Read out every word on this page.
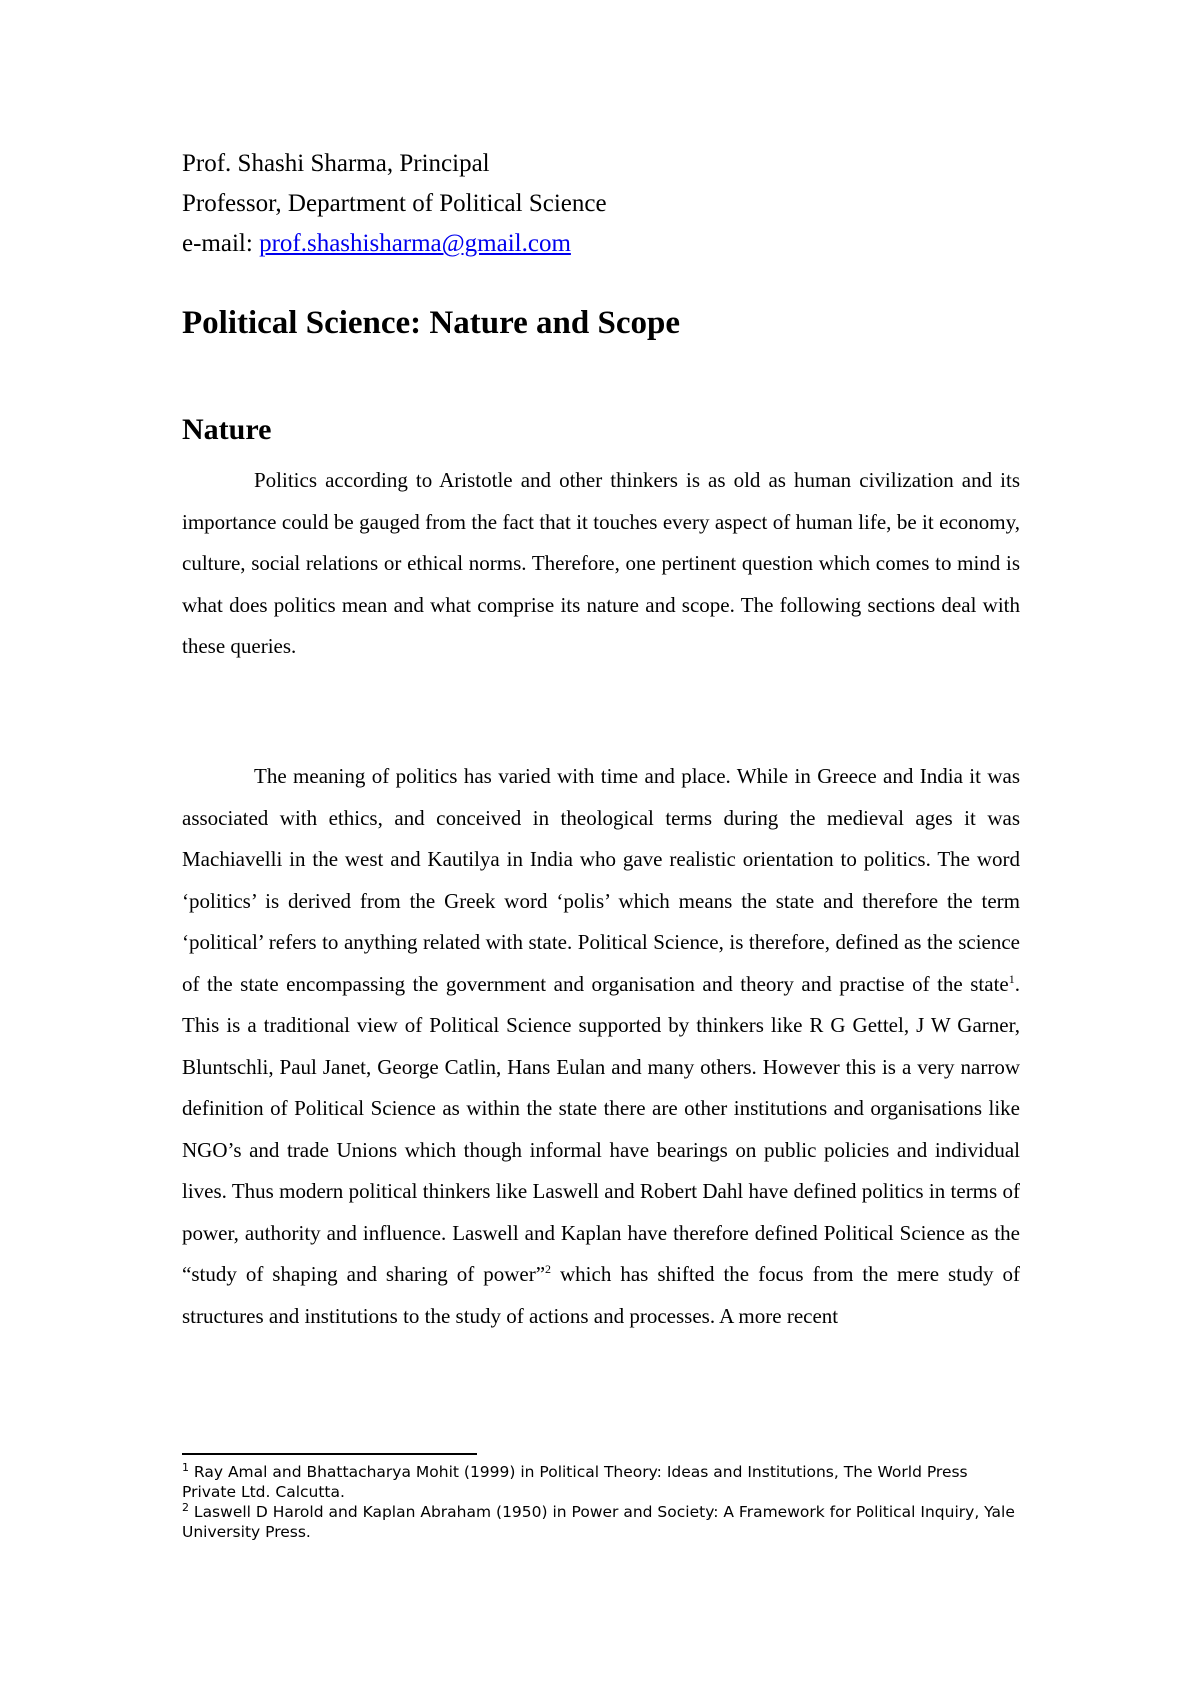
Prof. Shashi Sharma, Principal
Professor, Department of Political Science
e-mail: prof.shashisharma@gmail.com
Political Science: Nature and Scope
Nature

Politics according to Aristotle and other thinkers is as old as human civilization and its importance could be gauged from the fact that it touches every aspect of human life, be it economy, culture, social relations or ethical norms. Therefore, one pertinent question which comes to mind is what does politics mean and what comprise its nature and scope. The following sections deal with these queries.

The meaning of politics has varied with time and place. While in Greece and India it was associated with ethics, and conceived in theological terms during the medieval ages it was Machiavelli in the west and Kautilya in India who gave realistic orientation to politics. The word ‘politics’ is derived from the Greek word ‘polis’ which means the state and therefore the term ‘political’ refers to anything related with state. Political Science, is therefore, defined as the science of the state encompassing the government and organisation and theory and practise of the state$^1$. This is a traditional view of Political Science supported by thinkers like R G Gettel, J W Garner, Bluntschli, Paul Janet, George Catlin, Hans Eulan and many others. However this is a very narrow definition of Political Science as within the state there are other institutions and organisations like NGO’s and trade Unions which though informal have bearings on public policies and individual lives. Thus modern political thinkers like Laswell and Robert Dahl have defined politics in terms of power, authority and influence. Laswell and Kaplan have therefore defined Political Science as the “study of shaping and sharing of power”$^2$ which has shifted the focus from the mere study of structures and institutions to the study of actions and processes. A more recent

$^1$ Ray Amal and Bhattacharya Mohit (1999) in Political Theory: Ideas and Institutions, The World Press Private Ltd. Calcutta.

$^2$ Laswell D Harold and Kaplan Abraham (1950) in Power and Society: A Framework for Political Inquiry, Yale University Press.
